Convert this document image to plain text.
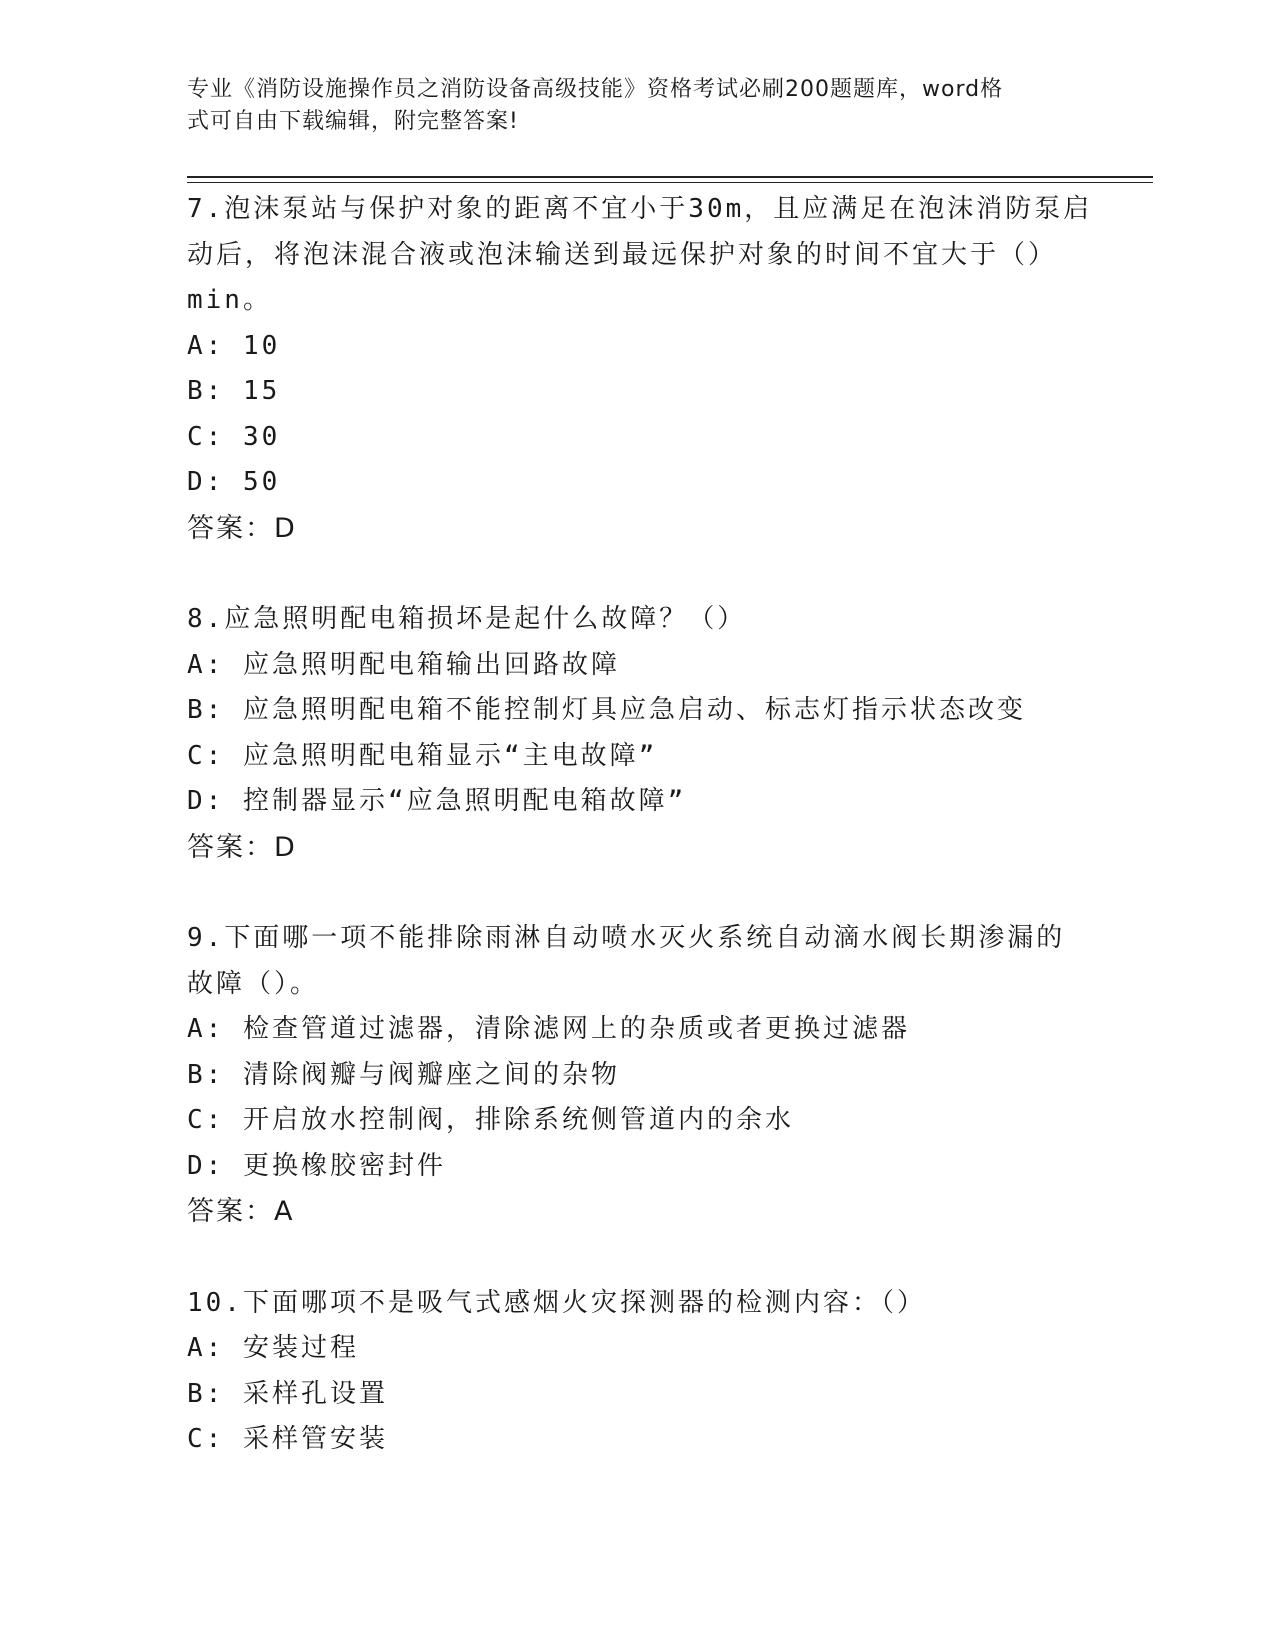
专业《消防设施操作员之消防设备高级技能》资格考试必刷200题题库，word格
式可自由下载编辑，附完整答案!
7.泡沫泵站与保护对象的距离不宜小于30m，且应满足在泡沫消防泵启
动后，将泡沫混合液或泡沫输送到最远保护对象的时间不宜大于（）
min。
A: 10
B: 15
C: 30
D: 50
答案：D
8.应急照明配电箱损坏是起什么故障？（）
A: 应急照明配电箱输出回路故障
B: 应急照明配电箱不能控制灯具应急启动、标志灯指示状态改变
C: 应急照明配电箱显示“主电故障”
D: 控制器显示“应急照明配电箱故障”
答案：D
9.下面哪一项不能排除雨淋自动喷水灭火系统自动滴水阀长期渗漏的
故障（）。
A: 检查管道过滤器，清除滤网上的杂质或者更换过滤器
B: 清除阀瓣与阀瓣座之间的杂物
C: 开启放水控制阀，排除系统侧管道内的余水
D: 更换橡胶密封件
答案：A
10.下面哪项不是吸气式感烟火灾探测器的检测内容：（）
A: 安装过程
B: 采样孔设置
C: 采样管安装
